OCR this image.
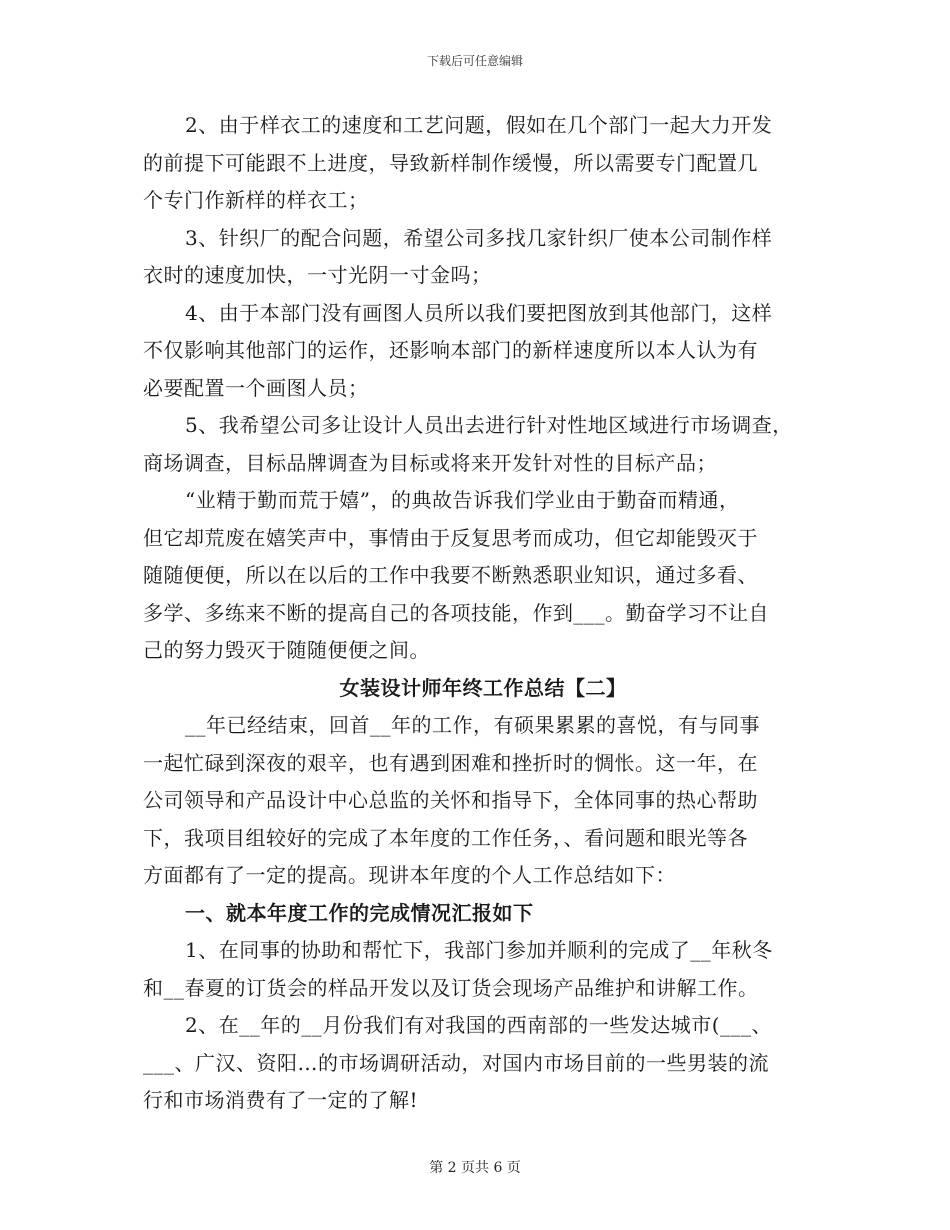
下载后可任意编辑
2、由于样衣工的速度和工艺问题，假如在几个部门一起大力开发
的前提下可能跟不上进度，导致新样制作缓慢，所以需要专门配置几
个专门作新样的样衣工；
3、针织厂的配合问题，希望公司多找几家针织厂使本公司制作样
衣时的速度加快，一寸光阴一寸金吗；
4、由于本部门没有画图人员所以我们要把图放到其他部门，这样
不仅影响其他部门的运作，还影响本部门的新样速度所以本人认为有
必要配置一个画图人员；
5、我希望公司多让设计人员出去进行针对性地区域进行市场调查，
商场调查，目标品牌调查为目标或将来开发针对性的目标产品；
“业精于勤而荒于嬉”，的典故告诉我们学业由于勤奋而精通，
但它却荒废在嬉笑声中，事情由于反复思考而成功，但它却能毁灭于
随随便便，所以在以后的工作中我要不断熟悉职业知识，通过多看、
多学、多练来不断的提高自己的各项技能，作到___。勤奋学习不让自
己的努力毁灭于随随便便之间。
女装设计师年终工作总结【二】
__年已经结束，回首__年的工作，有硕果累累的喜悦，有与同事
一起忙碌到深夜的艰辛，也有遇到困难和挫折时的惆怅。这一年，在
公司领导和产品设计中心总监的关怀和指导下，全体同事的热心帮助
下，我项目组较好的完成了本年度的工作任务，、看问题和眼光等各
方面都有了一定的提高。现讲本年度的个人工作总结如下：
一、就本年度工作的完成情况汇报如下
1、在同事的协助和帮忙下，我部门参加并顺利的完成了__年秋冬
和__春夏的订货会的样品开发以及订货会现场产品维护和讲解工作。
2、在__年的__月份我们有对我国的西南部的一些发达城市(___、
___、广汉、资阳…的市场调研活动，对国内市场目前的一些男装的流
行和市场消费有了一定的了解!
第 2 页共 6 页
